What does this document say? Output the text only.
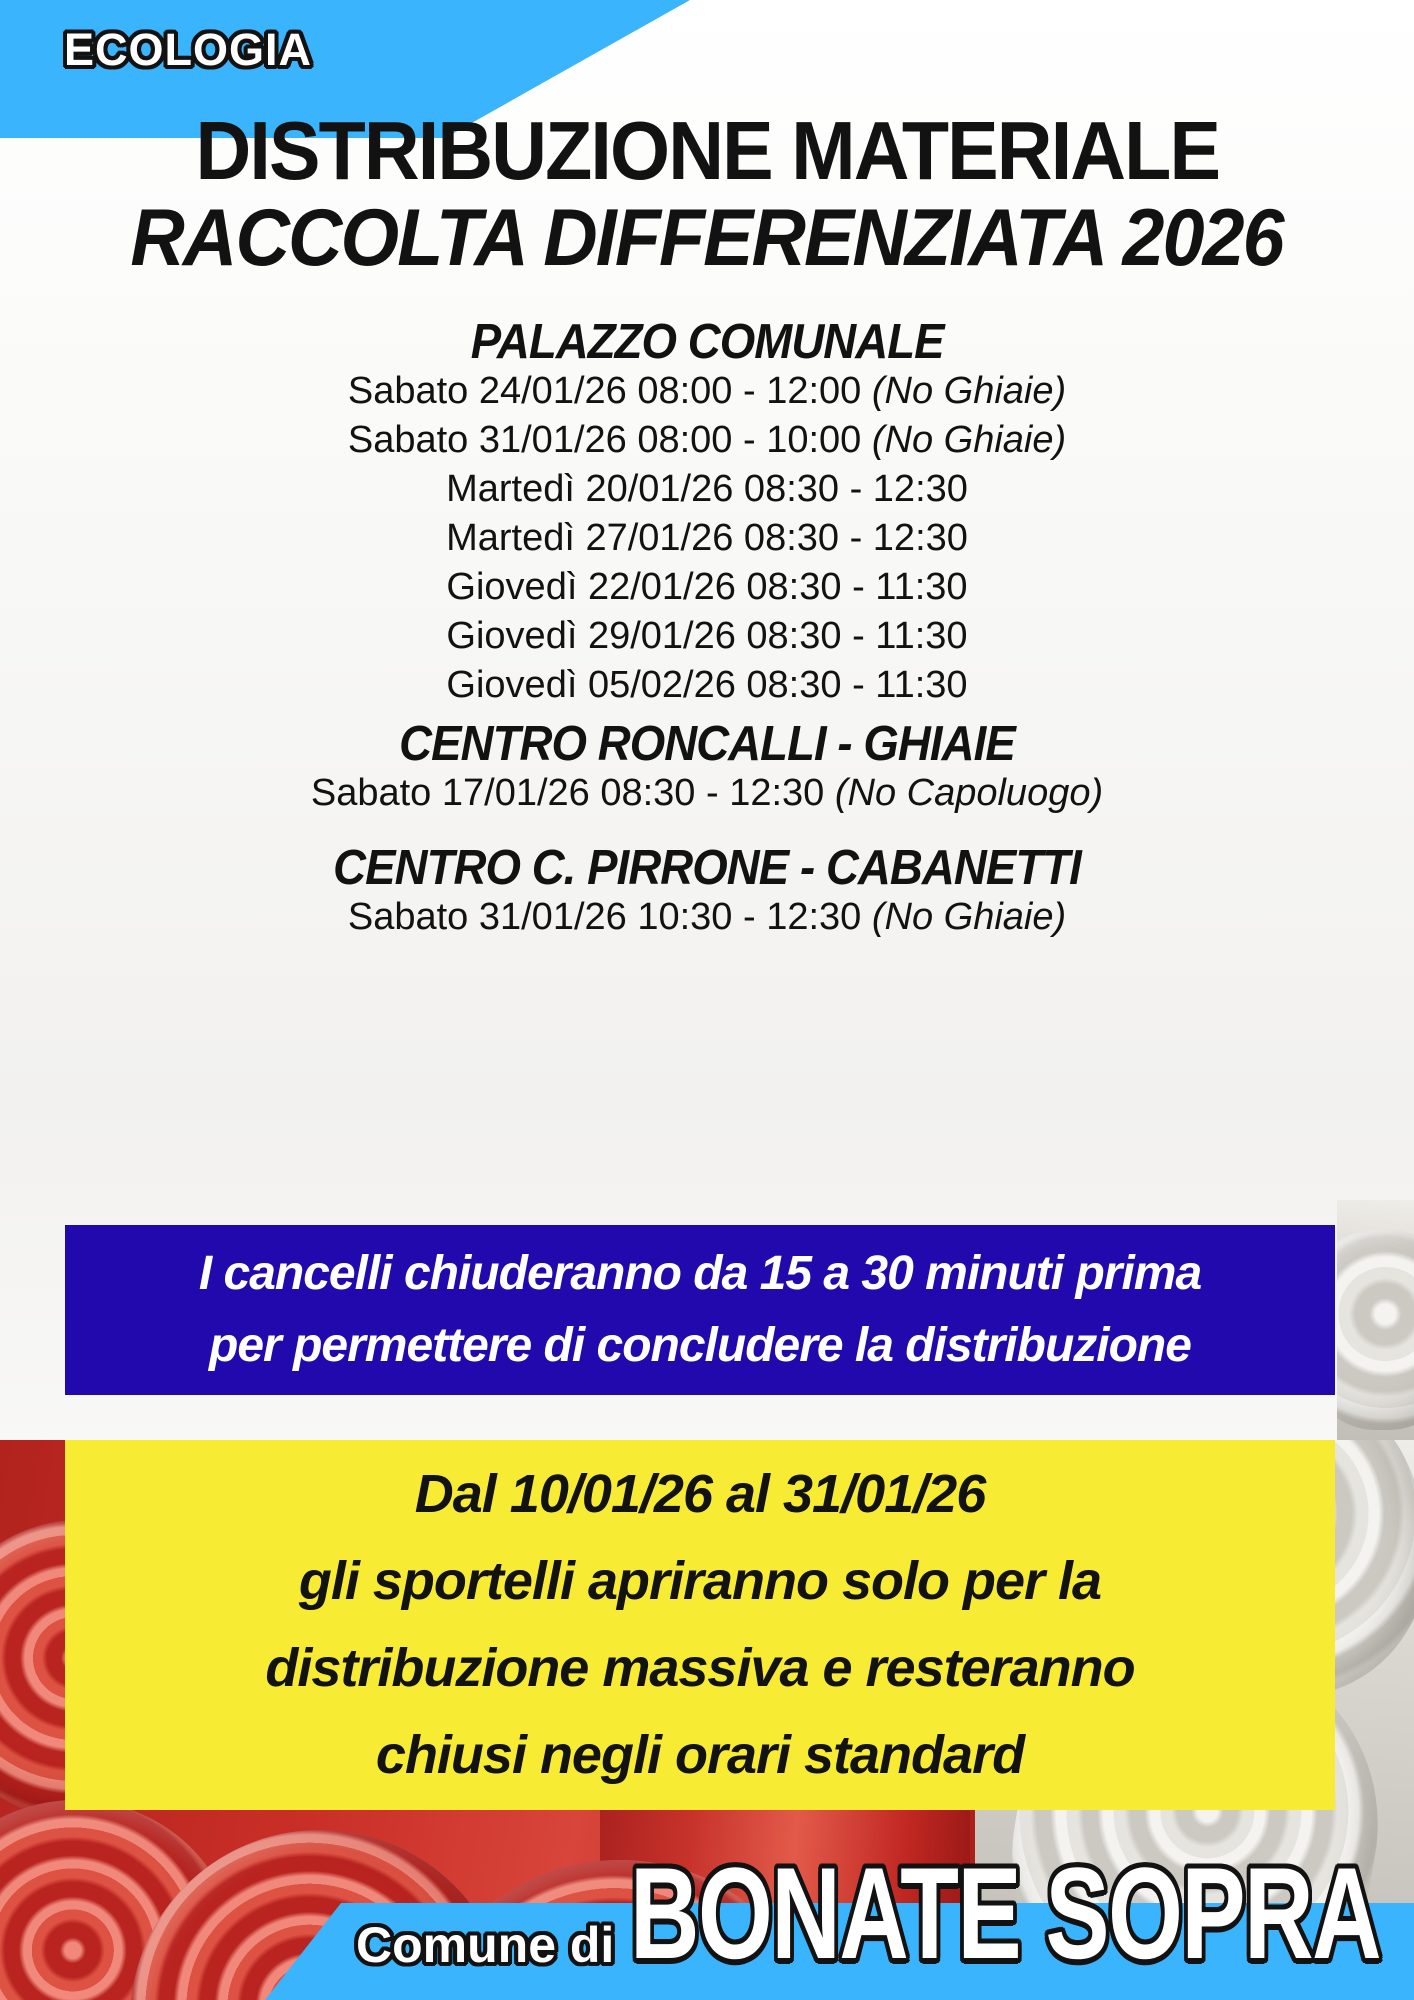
ECOLOGIA
DISTRIBUZIONE MATERIALE
RACCOLTA DIFFERENZIATA 2026
PALAZZO COMUNALE
Sabato 24/01/26 08:00 - 12:00 (No Ghiaie)
Sabato 31/01/26 08:00 - 10:00 (No Ghiaie)
Martedì 20/01/26 08:30 - 12:30
Martedì 27/01/26 08:30 - 12:30
Giovedì 22/01/26 08:30 - 11:30
Giovedì 29/01/26 08:30 - 11:30
Giovedì 05/02/26 08:30 - 11:30
CENTRO RONCALLI - GHIAIE
Sabato 17/01/26 08:30 - 12:30 (No Capoluogo)
CENTRO C. PIRRONE - CABANETTI
Sabato 31/01/26 10:30 - 12:30 (No Ghiaie)
I cancelli chiuderanno da 15 a 30 minuti prima
per permettere di concludere la distribuzione
Dal 10/01/26 al 31/01/26
gli sportelli apriranno solo per la
distribuzione massiva e resteranno
chiusi negli orari standard
Comune di BONATE SOPRA
